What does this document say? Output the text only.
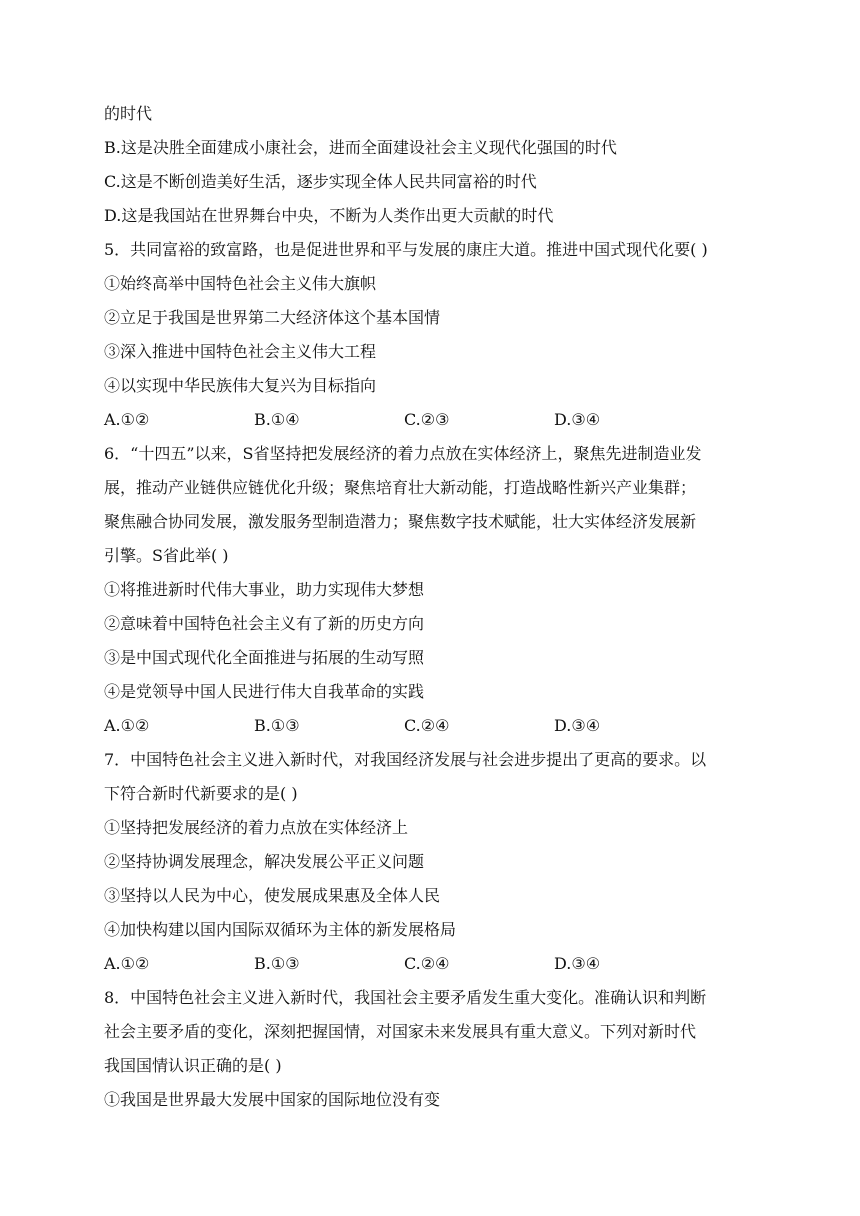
的时代
B.这是决胜全面建成小康社会，进而全面建设社会主义现代化强国的时代
C.这是不断创造美好生活，逐步实现全体人民共同富裕的时代
D.这是我国站在世界舞台中央，不断为人类作出更大贡献的时代
5．共同富裕的致富路，也是促进世界和平与发展的康庄大道。推进中国式现代化要( )
①始终高举中国特色社会主义伟大旗帜
②立足于我国是世界第二大经济体这个基本国情
③深入推进中国特色社会主义伟大工程
④以实现中华民族伟大复兴为目标指向
A.①②	B.①④	C.②③	D.③④
6．“十四五”以来，S省坚持把发展经济的着力点放在实体经济上，聚焦先进制造业发
展，推动产业链供应链优化升级；聚焦培育壮大新动能，打造战略性新兴产业集群；
聚焦融合协同发展，激发服务型制造潜力；聚焦数字技术赋能，壮大实体经济发展新
引擎。S省此举( )
①将推进新时代伟大事业，助力实现伟大梦想
②意味着中国特色社会主义有了新的历史方向
③是中国式现代化全面推进与拓展的生动写照
④是党领导中国人民进行伟大自我革命的实践
A.①②	B.①③	C.②④	D.③④
7．中国特色社会主义进入新时代，对我国经济发展与社会进步提出了更高的要求。以
下符合新时代新要求的是( )
①坚持把发展经济的着力点放在实体经济上
②坚持协调发展理念，解决发展公平正义问题
③坚持以人民为中心，使发展成果惠及全体人民
④加快构建以国内国际双循环为主体的新发展格局
A.①②	B.①③	C.②④	D.③④
8．中国特色社会主义进入新时代，我国社会主要矛盾发生重大变化。准确认识和判断
社会主要矛盾的变化，深刻把握国情，对国家未来发展具有重大意义。下列对新时代
我国国情认识正确的是( )
①我国是世界最大发展中国家的国际地位没有变
